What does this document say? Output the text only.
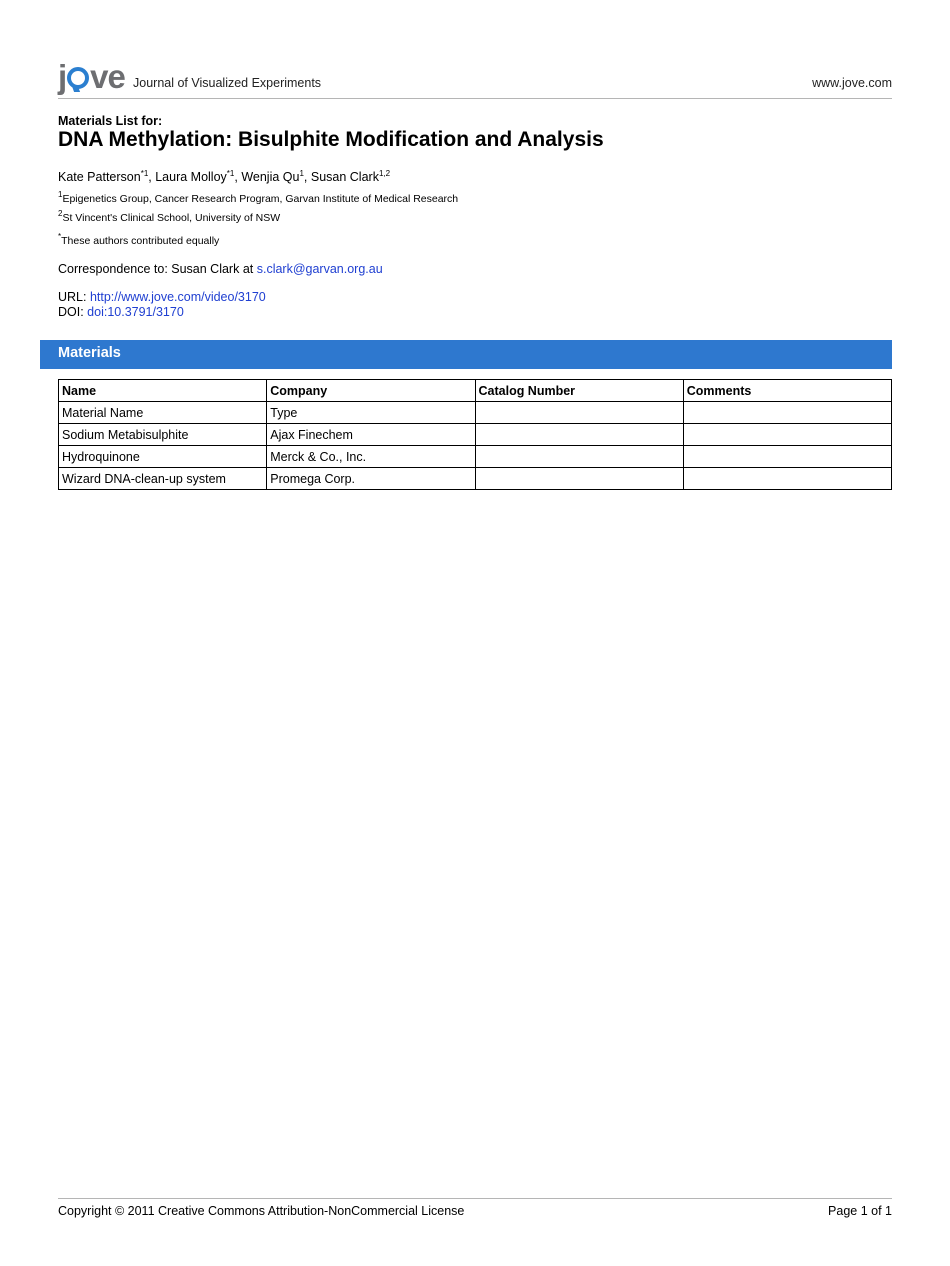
j ve Journal of Visualized Experiments	www.jove.com
Materials List for:
DNA Methylation: Bisulphite Modification and Analysis
Kate Patterson$^{*1}$, Laura Molloy$^{*1}$, Wenjia Qu$^1$, Susan Clark$^{1,2}$
$^1$Epigenetics Group, Cancer Research Program, Garvan Institute of Medical Research
$^2$St Vincent's Clinical School, University of NSW
*These authors contributed equally
Correspondence to: Susan Clark at s.clark@garvan.org.au
URL: http://www.jove.com/video/3170
DOI: doi:10.3791/3170
Materials
Name	Company	Catalog Number	Comments
Material Name	Type		
Sodium Metabisulphite	Ajax Finechem		
Hydroquinone	Merck & Co., Inc.		
Wizard DNA-clean-up system	Promega Corp.		
Copyright © 2011 Creative Commons Attribution-NonCommercial License	Page 1 of 1
